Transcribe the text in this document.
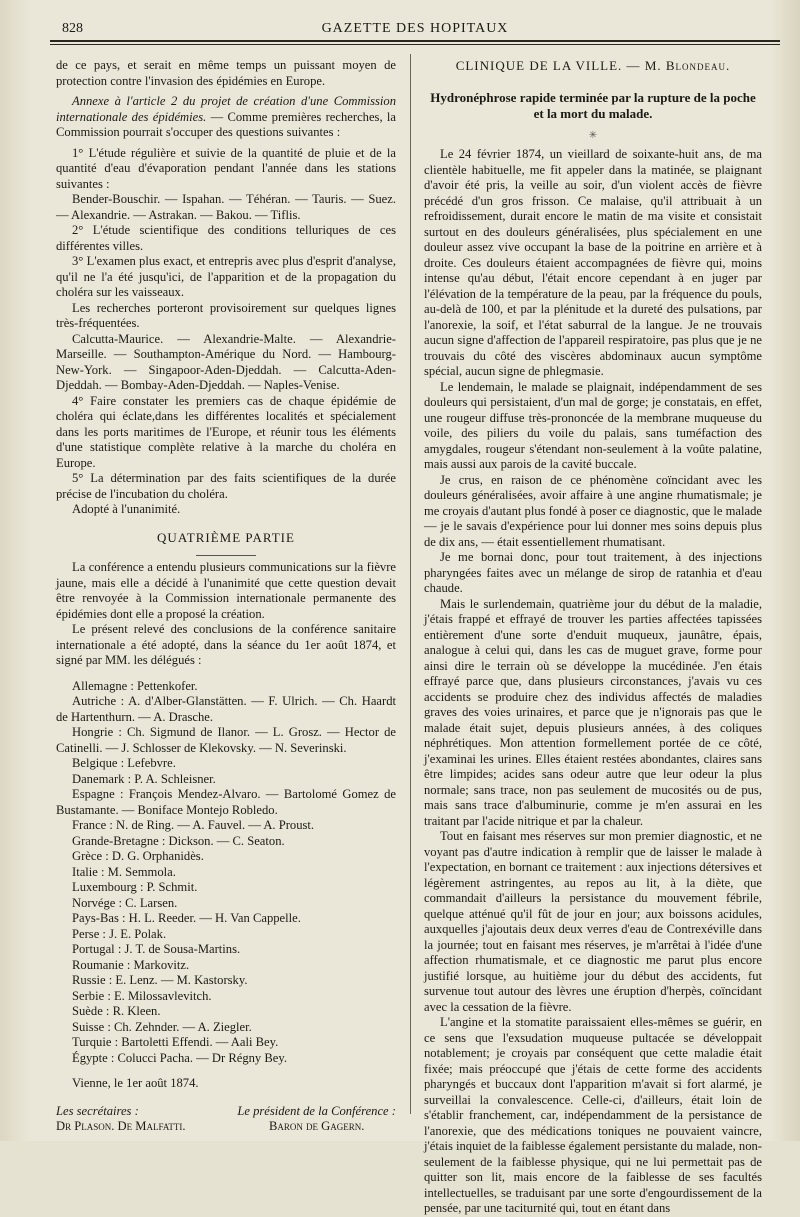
828	GAZETTE DES HOPITAUX

de ce pays, et serait en même temps un puissant moyen de protection contre l'invasion des épidémies en Europe.

Annexe à l'article 2 du projet de création d'une Commission internationale des épidémies. — Comme premières recherches, la Commission pourrait s'occuper des questions suivantes :

1° L'étude régulière et suivie de la quantité de pluie et de la quantité d'eau d'évaporation pendant l'année dans les stations suivantes :

Bender-Bouschir. — Ispahan. — Téhéran. — Tauris. — Suez. — Alexandrie. — Astrakan. — Bakou. — Tiflis.

2° L'étude scientifique des conditions telluriques de ces différentes villes.

3° L'examen plus exact, et entrepris avec plus d'esprit d'analyse, qu'il ne l'a été jusqu'ici, de l'apparition et de la propagation du choléra sur les vaisseaux.

Les recherches porteront provisoirement sur quelques lignes très-fréquentées.

Calcutta-Maurice. — Alexandrie-Malte. — Alexandrie-Marseille. — Southampton-Amérique du Nord. — Hambourg-New-York. — Singapoor-Aden-Djeddah. — Calcutta-Aden-Djeddah. — Bombay-Aden-Djeddah. — Naples-Venise.

4° Faire constater les premiers cas de chaque épidémie de choléra qui éclate,dans les différentes localités et spécialement dans les ports maritimes de l'Europe, et réunir tous les éléments d'une statistique complète relative à la marche du choléra en Europe.

5° La détermination par des faits scientifiques de la durée précise de l'incubation du choléra.

Adopté à l'unanimité.

QUATRIÈME PARTIE

La conférence a entendu plusieurs communications sur la fièvre jaune, mais elle a décidé à l'unanimité que cette question devait être renvoyée à la Commission internationale permanente des épidémies dont elle a proposé la création.

Le présent relevé des conclusions de la conférence sanitaire internationale a été adopté, dans la séance du 1er août 1874, et signé par MM. les délégués :

Allemagne : Pettenkofer.

Autriche : A. d'Alber-Glanstätten. — F. Ulrich. — Ch. Haardt de Hartenthurn. — A. Drasche.

Hongrie : Ch. Sigmund de Ilanor. — L. Grosz. — Hector de Catinelli. — J. Schlosser de Klekovsky. — N. Severinski.

Belgique : Lefebvre.

Danemark : P. A. Schleisner.

Espagne : François Mendez-Alvaro. — Bartolomé Gomez de Bustamante. — Boniface Montejo Robledo.

France : N. de Ring. — A. Fauvel. — A. Proust.

Grande-Bretagne : Dickson. — C. Seaton.

Grèce : D. G. Orphanidès.

Italie : M. Semmola.

Luxembourg : P. Schmit.

Norvége : C. Larsen.

Pays-Bas : H. L. Reeder. — H. Van Cappelle.

Perse : J. E. Polak.

Portugal : J. T. de Sousa-Martins.

Roumanie : Markovitz.

Russie : E. Lenz. — M. Kastorsky.

Serbie : E. Milossavlevitch.

Suède : R. Kleen.

Suisse : Ch. Zehnder. — A. Ziegler.

Turquie : Bartoletti Effendi. — Aali Bey.

Égypte : Colucci Pacha. — Dr Régny Bey.

Vienne, le 1er août 1874.

Les secrétaires :
Dr Plason. De Malfatti.
Le président de la Conférence :
Baron de Gagern.
CLINIQUE DE LA VILLE. — M. Blondeau.
Hydronéphrose rapide terminée par la rupture de la poche et la mort du malade.
✳

Le 24 février 1874, un vieillard de soixante-huit ans, de ma clientèle habituelle, me fit appeler dans la matinée, se plaignant d'avoir été pris, la veille au soir, d'un violent accès de fièvre précédé d'un gros frisson. Ce malaise, qu'il attribuait à un refroidissement, durait encore le matin de ma visite et consistait surtout en des douleurs généralisées, plus spécialement en une douleur assez vive occupant la base de la poitrine en arrière et à droite. Ces douleurs étaient accompagnées de fièvre qui, moins intense qu'au début, l'était encore cependant à en juger par l'élévation de la température de la peau, par la fréquence du pouls, au-delà de 100, et par la plénitude et la dureté des pulsations, par l'anorexie, la soif, et l'état saburral de la langue. Je ne trouvais aucun signe d'affection de l'appareil respiratoire, pas plus que je ne trouvais du côté des viscères abdominaux aucun symptôme spécial, aucun signe de phlegmasie.

Le lendemain, le malade se plaignait, indépendamment de ses douleurs qui persistaient, d'un mal de gorge; je constatais, en effet, une rougeur diffuse très-prononcée de la membrane muqueuse du voile, des piliers du voile du palais, sans tuméfaction des amygdales, rougeur s'étendant non-seulement à la voûte palatine, mais aussi aux parois de la cavité buccale.

Je crus, en raison de ce phénomène coïncidant avec les douleurs généralisées, avoir affaire à une angine rhumatismale; je me croyais d'autant plus fondé à poser ce diagnostic, que le malade — je le savais d'expérience pour lui donner mes soins depuis plus de dix ans, — était essentiellement rhumatisant.

Je me bornai donc, pour tout traitement, à des injections pharyngées faites avec un mélange de sirop de ratanhia et d'eau chaude.

Mais le surlendemain, quatrième jour du début de la maladie, j'étais frappé et effrayé de trouver les parties affectées tapissées entièrement d'une sorte d'enduit muqueux, jaunâtre, épais, analogue à celui qui, dans les cas de muguet grave, forme pour ainsi dire le terrain où se développe la mucédinée. J'en étais effrayé parce que, dans plusieurs circonstances, j'avais vu ces accidents se produire chez des individus affectés de maladies graves des voies urinaires, et parce que je n'ignorais pas que le malade était sujet, depuis plusieurs années, à des coliques néphrétiques. Mon attention formellement portée de ce côté, j'examinai les urines. Elles étaient restées abondantes, claires sans être limpides; acides sans odeur autre que leur odeur la plus normale; sans trace, non pas seulement de mucosités ou de pus, mais sans trace d'albuminurie, comme je m'en assurai en les traitant par l'acide nitrique et par la chaleur.

Tout en faisant mes réserves sur mon premier diagnostic, et ne voyant pas d'autre indication à remplir que de laisser le malade à l'expectation, en bornant ce traitement : aux injections détersives et légèrement astringentes, au repos au lit, à la diète, que commandait d'ailleurs la persistance du mouvement fébrile, quelque atténué qu'il fût de jour en jour; aux boissons acidules, auxquelles j'ajoutais deux deux verres d'eau de Contrexéville dans la journée; tout en faisant mes réserves, je m'arrêtai à l'idée d'une affection rhumatismale, et ce diagnostic me parut plus encore justifié lorsque, au huitième jour du début des accidents, fut survenue tout autour des lèvres une éruption d'herpès, coïncidant avec la cessation de la fièvre.

L'angine et la stomatite paraissaient elles-mêmes se guérir, en ce sens que l'exsudation muqueuse pultacée se développait notablement; je croyais par conséquent que cette maladie était fixée; mais préoccupé que j'étais de cette forme des accidents pharyngés et buccaux dont l'apparition m'avait si fort alarmé, je surveillai la convalescence. Celle-ci, d'ailleurs, était loin de s'établir franchement, car, indépendamment de la persistance de l'anorexie, que des médications toniques ne pouvaient vaincre, j'étais inquiet de la faiblesse également persistante du malade, non-seulement de la faiblesse physique, qui ne lui permettait pas de quitter son lit, mais encore de la faiblesse de ses facultés intellectuelles, se traduisant par une sorte d'engourdissement de la pensée, par une taciturnité qui, tout en étant dans
